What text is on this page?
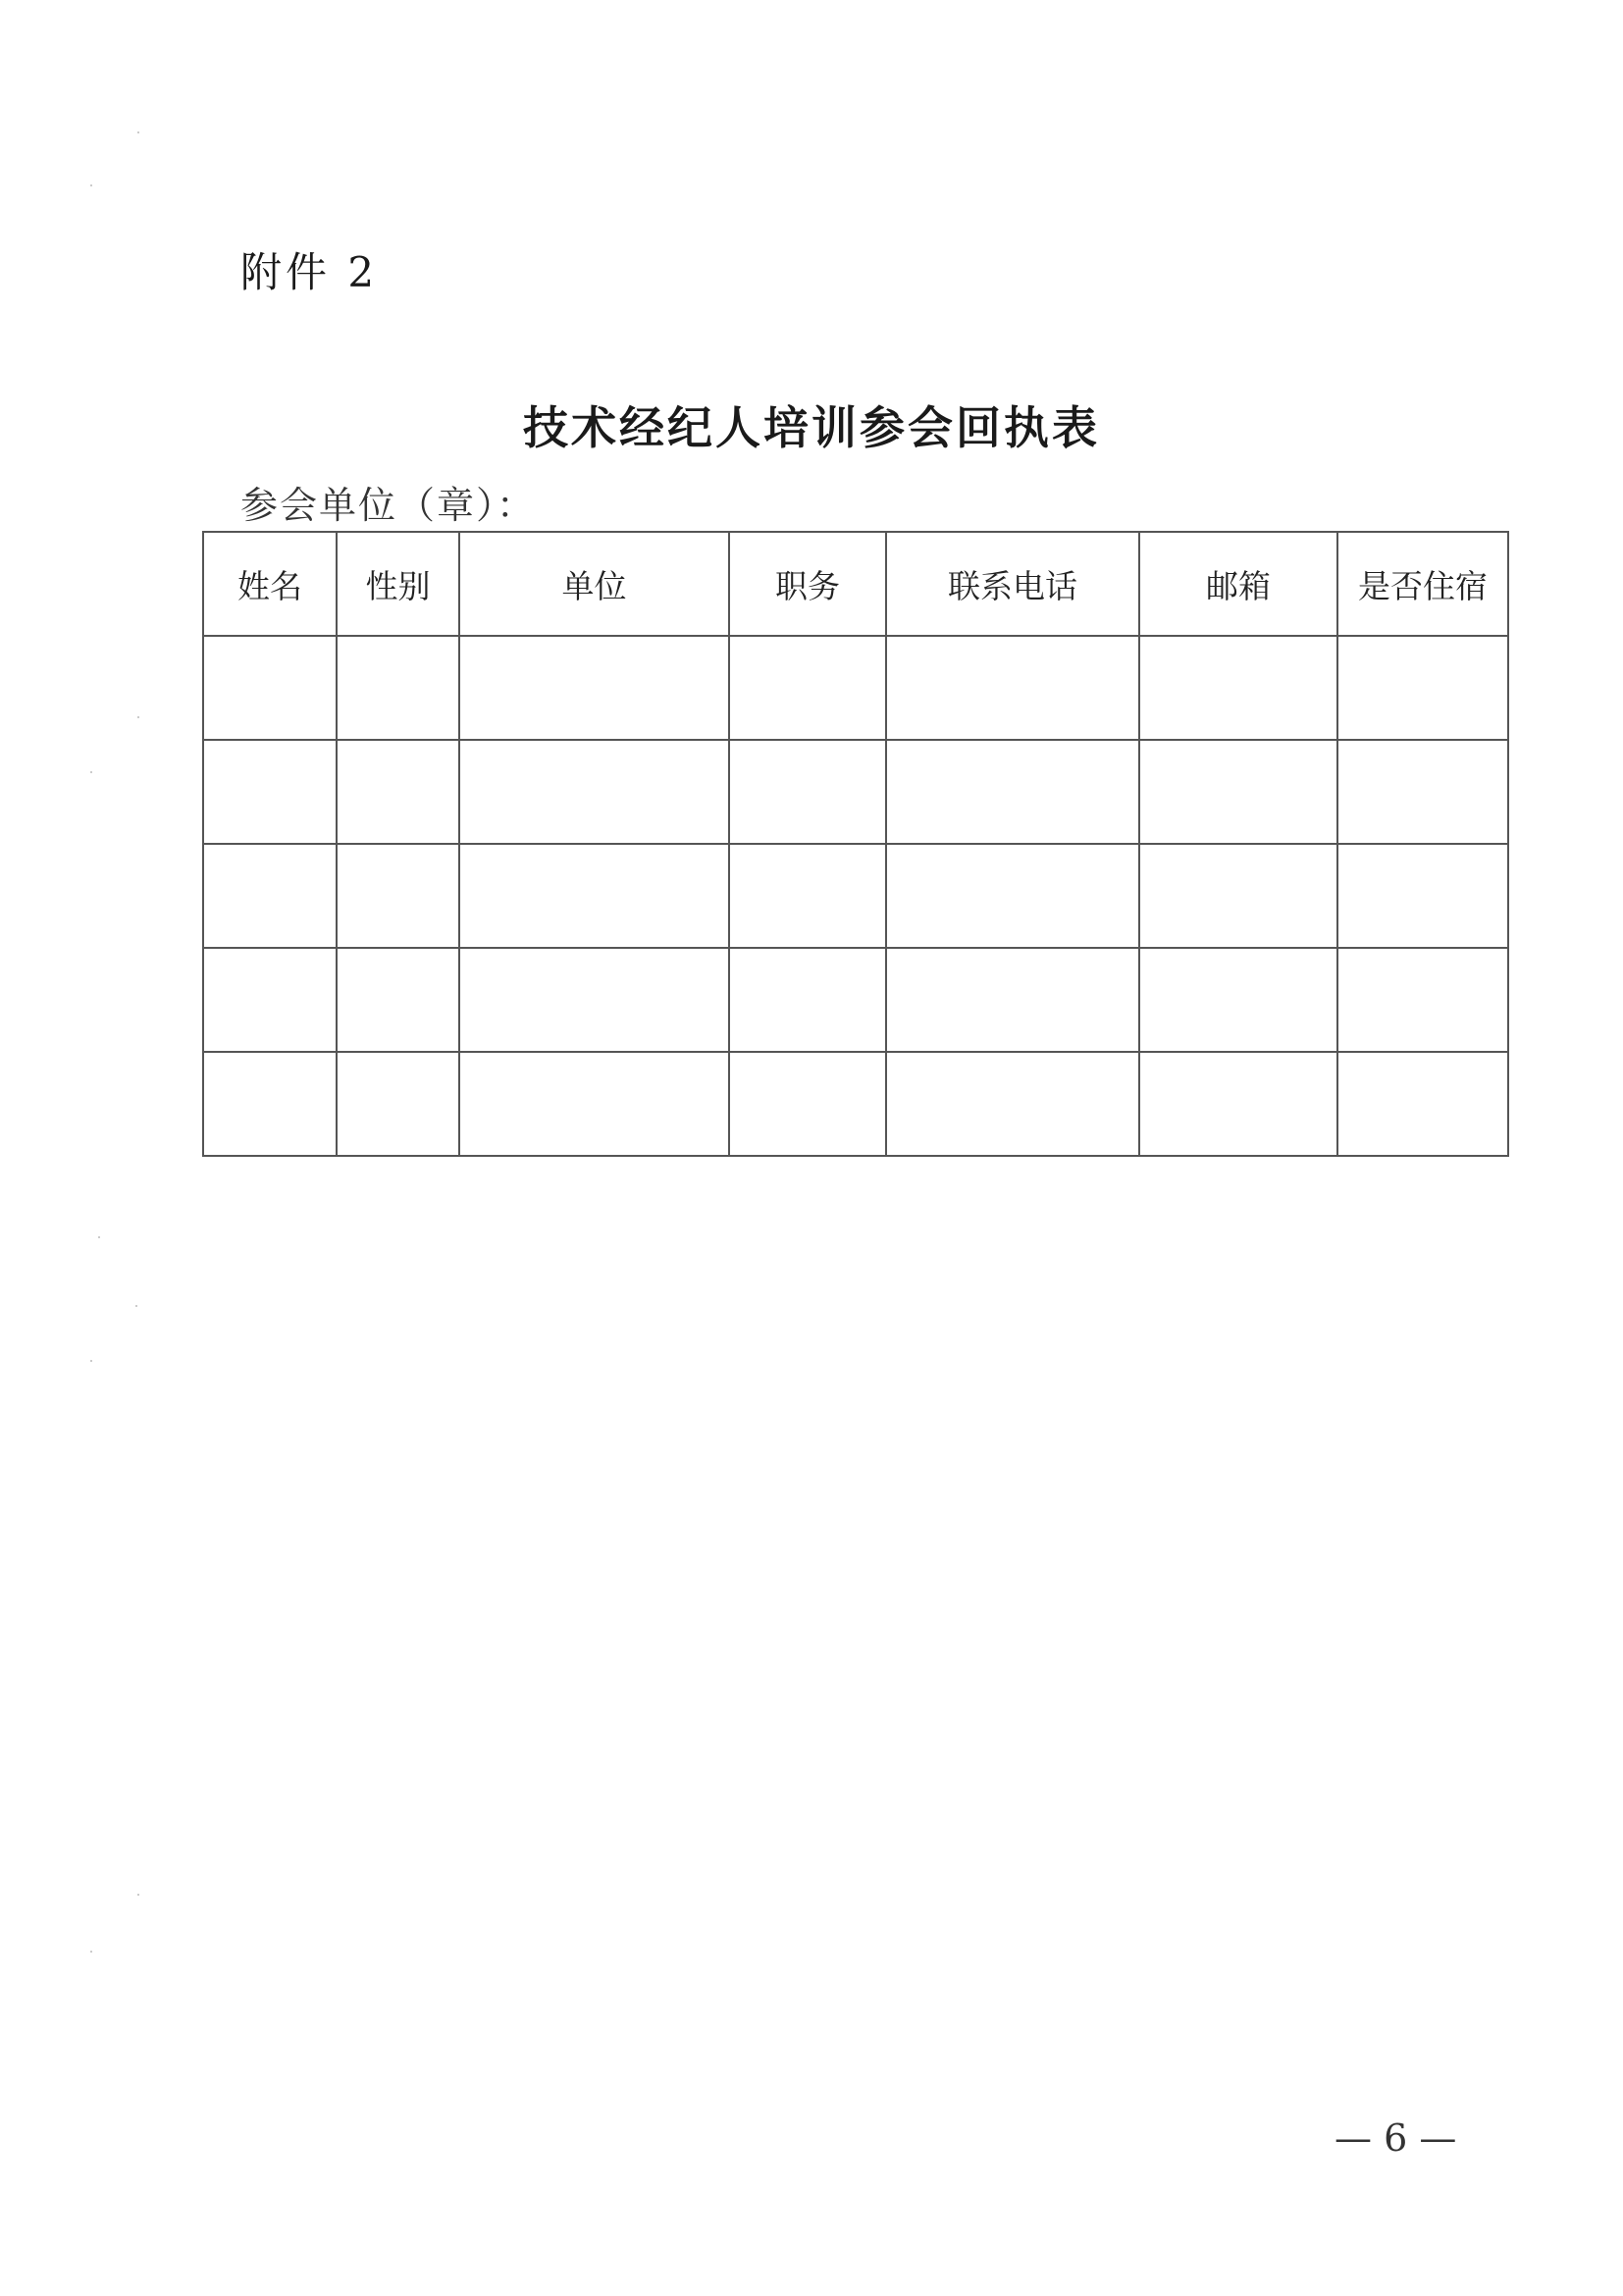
附件 2
技术经纪人培训参会回执表
参会单位（章）：
姓名	性别	单位	职务	联系电话	邮箱	是否住宿

— 6 —
